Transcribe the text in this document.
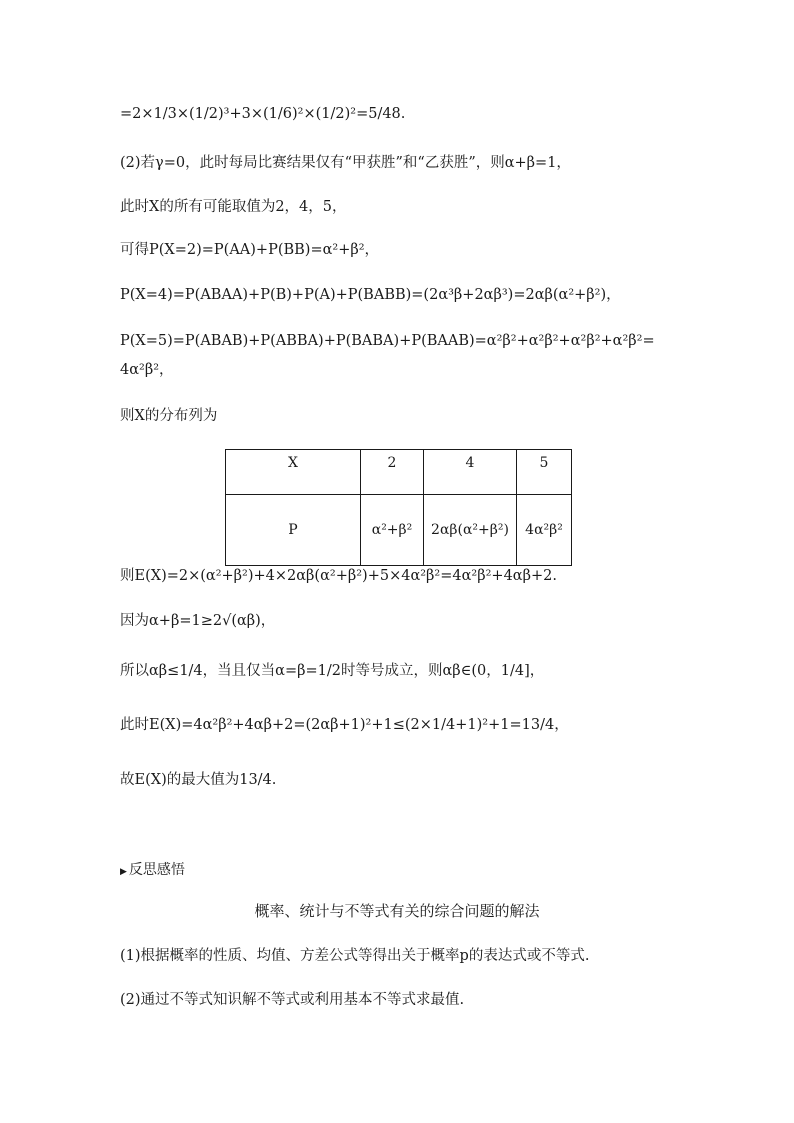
=2×1/3×(1/2)³+3×(1/6)²×(1/2)²=5/48.
(2)若γ=0，此时每局比赛结果仅有“甲获胜”和“乙获胜”，则α+β=1，
此时X的所有可能取值为2，4，5，
可得P(X=2)=P(AA)+P(BB)=α²+β²，
P(X=4)=P(ABAA)+P(B)+P(A)+P(BABB)=(2α³β+2αβ³)=2αβ(α²+β²)，
P(X=5)=P(ABAB)+P(ABBA)+P(BABA)+P(BAAB)=α²β²+α²β²+α²β²+α²β²=
4α²β²，
则X的分布列为
X	2	4	5
P	α²+β²	2αβ(α²+β²)	4α²β²
则E(X)=2×(α²+β²)+4×2αβ(α²+β²)+5×4α²β²=4α²β²+4αβ+2.
因为α+β=1≥2√(αβ)，
所以αβ≤1/4，当且仅当α=β=1/2时等号成立，则αβ∈(0，1/4]，
此时E(X)=4α²β²+4αβ+2=(2αβ+1)²+1≤(2×1/4+1)²+1=13/4，
故E(X)的最大值为13/4.
▶ 反思感悟
概率、统计与不等式有关的综合问题的解法
(1)根据概率的性质、均值、方差公式等得出关于概率p的表达式或不等式.
(2)通过不等式知识解不等式或利用基本不等式求最值.
